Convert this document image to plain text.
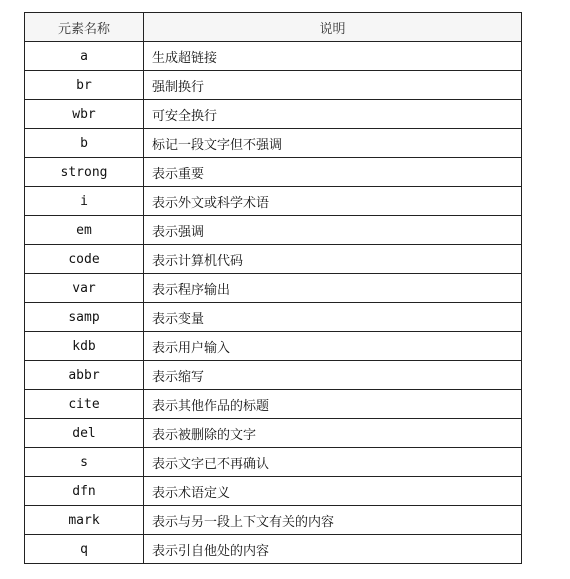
元素名称	说明
a	生成超链接
br	强制换行
wbr	可安全换行
b	标记一段文字但不强调
strong	表示重要
i	表示外文或科学术语
em	表示强调
code	表示计算机代码
var	表示程序输出
samp	表示变量
kdb	表示用户输入
abbr	表示缩写
cite	表示其他作品的标题
del	表示被删除的文字
s	表示文字已不再确认
dfn	表示术语定义
mark	表示与另一段上下文有关的内容
q	表示引自他处的内容
